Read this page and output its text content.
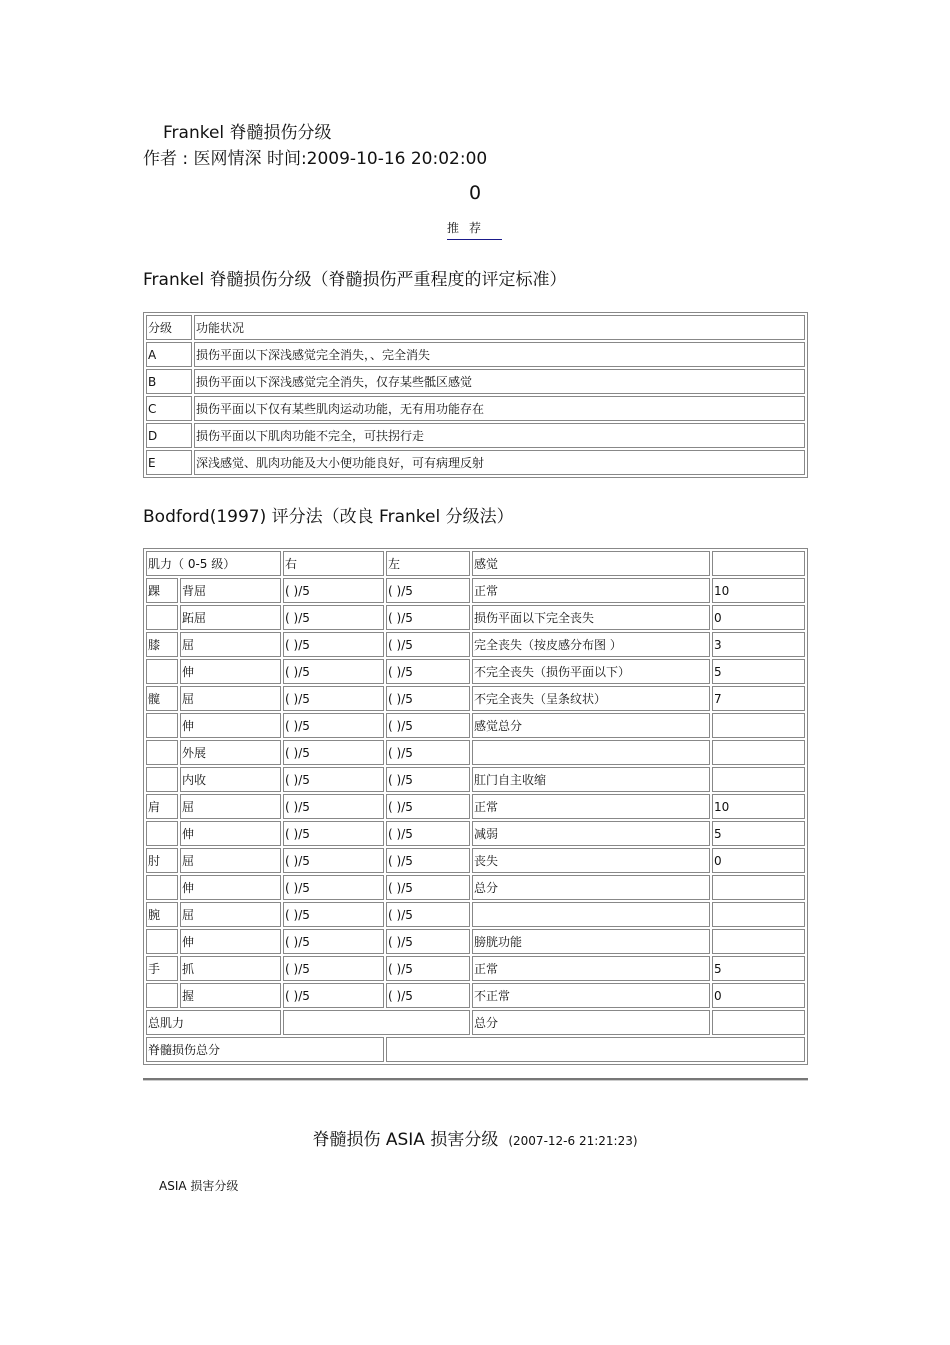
Frankel 脊髓损伤分级
作者 : 医网情深 时间:2009-10-16 20:02:00
0
推荐
Frankel 脊髓损伤分级（脊髓损伤严重程度的评定标准）
分级	功能状况
A	损伤平面以下深浅感觉完全消失，、完全消失
B	损伤平面以下深浅感觉完全消失，仅存某些骶区感觉
C	损伤平面以下仅有某些肌肉运动功能，无有用功能存在
D	损伤平面以下肌肉功能不完全，可扶拐行走
E	深浅感觉、肌肉功能及大小便功能良好，可有病理反射
Bodford(1997) 评分法（改良 Frankel 分级法）
肌力（ 0-5 级）		右	左	感觉	
踝	背屈	( )/5	( )/5	正常	10
	跖屈	( )/5	( )/5	损伤平面以下完全丧失	0
膝	屈	( )/5	( )/5	完全丧失（按皮感分布图 ）	3
	伸	( )/5	( )/5	不完全丧失（损伤平面以下）	5
髋	屈	( )/5	( )/5	不完全丧失（呈条纹状）	7
	伸	( )/5	( )/5	感觉总分	
	外展	( )/5	( )/5		
	内收	( )/5	( )/5	肛门自主收缩	
肩	屈	( )/5	( )/5	正常	10
	伸	( )/5	( )/5	减弱	5
肘	屈	( )/5	( )/5	丧失	0
	伸	( )/5	( )/5	总分	
腕	屈	( )/5	( )/5		
	伸	( )/5	( )/5	膀胱功能	
手	抓	( )/5	( )/5	正常	5
	握	( )/5	( )/5	不正常	0
总肌力				总分	
脊髓损伤总分					
脊髓损伤 ASIA 损害分级 (2007-12-6 21:21:23)
ASIA 损害分级
